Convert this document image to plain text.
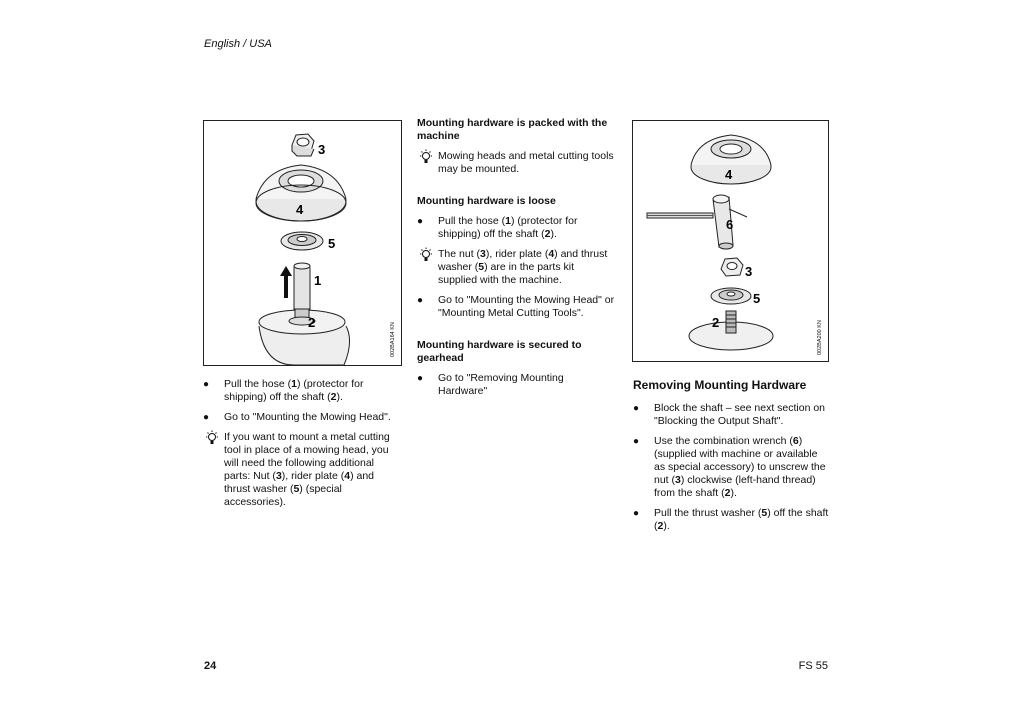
English / USA
3
4
5
1
2	002BA164 KN
4
6
3
5
2	002BA200 KN
● Pull the hose (1) (protector for shipping) off the shaft (2).
● Go to "Mounting the Mowing Head".
If you want to mount a metal cutting tool in place of a mowing head, you will need the following additional parts: Nut (3), rider plate (4) and thrust washer (5) (special accessories).
Mounting hardware is packed with the machine
Mowing heads and metal cutting tools may be mounted.
Mounting hardware is loose
● Pull the hose (1) (protector for shipping) off the shaft (2).
The nut (3), rider plate (4) and thrust washer (5) are in the parts kit supplied with the machine.
● Go to "Mounting the Mowing Head" or "Mounting Metal Cutting Tools".
Mounting hardware is secured to gearhead
● Go to "Removing Mounting Hardware"	Removing Mounting Hardware
● Block the shaft – see next section on "Blocking the Output Shaft".
● Use the combination wrench (6) (supplied with machine or available as special accessory) to unscrew the nut (3) clockwise (left-hand thread) from the shaft (2).
● Pull the thrust washer (5) off the shaft (2).
24	FS 55
